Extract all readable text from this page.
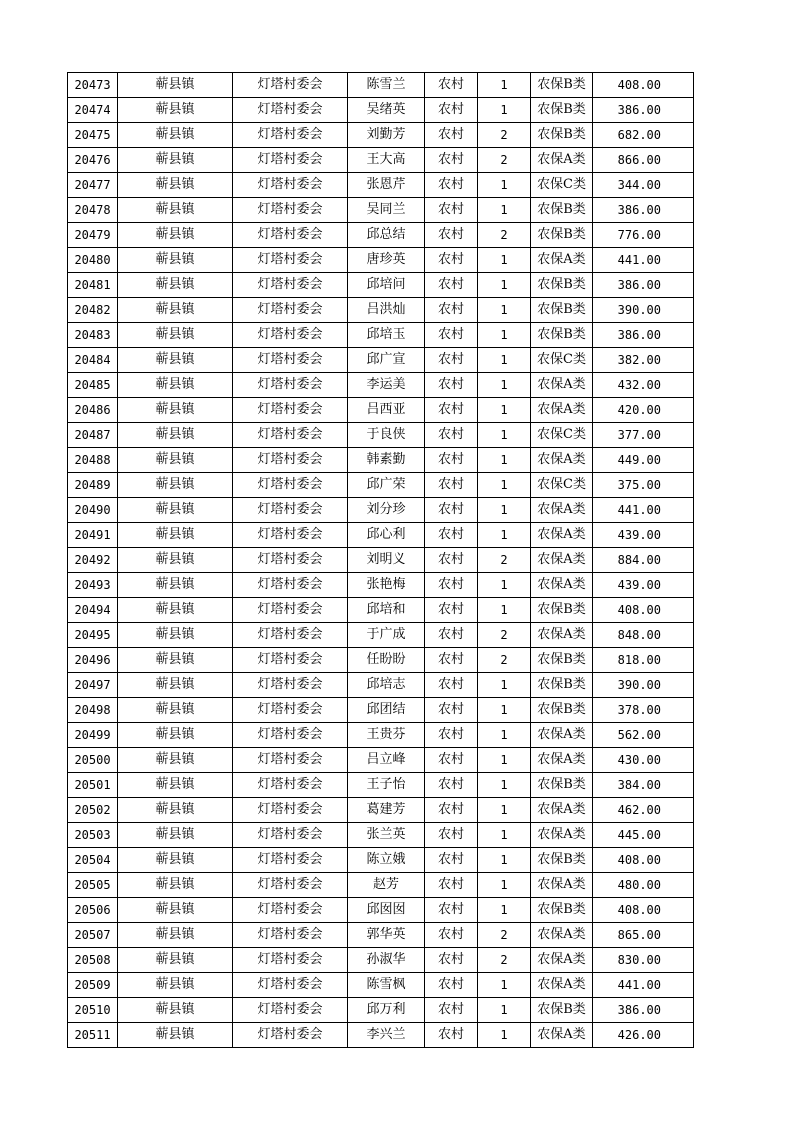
20473	蕲县镇	灯塔村委会	陈雪兰	农村	1	农保B类	408.00
20474	蕲县镇	灯塔村委会	吴绪英	农村	1	农保B类	386.00
20475	蕲县镇	灯塔村委会	刘勤芳	农村	2	农保B类	682.00
20476	蕲县镇	灯塔村委会	王大高	农村	2	农保A类	866.00
20477	蕲县镇	灯塔村委会	张恩芹	农村	1	农保C类	344.00
20478	蕲县镇	灯塔村委会	吴同兰	农村	1	农保B类	386.00
20479	蕲县镇	灯塔村委会	邱总结	农村	2	农保B类	776.00
20480	蕲县镇	灯塔村委会	唐珍英	农村	1	农保A类	441.00
20481	蕲县镇	灯塔村委会	邱培问	农村	1	农保B类	386.00
20482	蕲县镇	灯塔村委会	吕洪灿	农村	1	农保B类	390.00
20483	蕲县镇	灯塔村委会	邱培玉	农村	1	农保B类	386.00
20484	蕲县镇	灯塔村委会	邱广宣	农村	1	农保C类	382.00
20485	蕲县镇	灯塔村委会	李运美	农村	1	农保A类	432.00
20486	蕲县镇	灯塔村委会	吕西亚	农村	1	农保A类	420.00
20487	蕲县镇	灯塔村委会	于良侠	农村	1	农保C类	377.00
20488	蕲县镇	灯塔村委会	韩素勤	农村	1	农保A类	449.00
20489	蕲县镇	灯塔村委会	邱广荣	农村	1	农保C类	375.00
20490	蕲县镇	灯塔村委会	刘分珍	农村	1	农保A类	441.00
20491	蕲县镇	灯塔村委会	邱心利	农村	1	农保A类	439.00
20492	蕲县镇	灯塔村委会	刘明义	农村	2	农保A类	884.00
20493	蕲县镇	灯塔村委会	张艳梅	农村	1	农保A类	439.00
20494	蕲县镇	灯塔村委会	邱培和	农村	1	农保B类	408.00
20495	蕲县镇	灯塔村委会	于广成	农村	2	农保A类	848.00
20496	蕲县镇	灯塔村委会	任盼盼	农村	2	农保B类	818.00
20497	蕲县镇	灯塔村委会	邱培志	农村	1	农保B类	390.00
20498	蕲县镇	灯塔村委会	邱团结	农村	1	农保B类	378.00
20499	蕲县镇	灯塔村委会	王贵芬	农村	1	农保A类	562.00
20500	蕲县镇	灯塔村委会	吕立峰	农村	1	农保A类	430.00
20501	蕲县镇	灯塔村委会	王子怡	农村	1	农保B类	384.00
20502	蕲县镇	灯塔村委会	葛建芳	农村	1	农保A类	462.00
20503	蕲县镇	灯塔村委会	张兰英	农村	1	农保A类	445.00
20504	蕲县镇	灯塔村委会	陈立娥	农村	1	农保B类	408.00
20505	蕲县镇	灯塔村委会	赵芳	农村	1	农保A类	480.00
20506	蕲县镇	灯塔村委会	邱囡囡	农村	1	农保B类	408.00
20507	蕲县镇	灯塔村委会	郭华英	农村	2	农保A类	865.00
20508	蕲县镇	灯塔村委会	孙淑华	农村	2	农保A类	830.00
20509	蕲县镇	灯塔村委会	陈雪枫	农村	1	农保A类	441.00
20510	蕲县镇	灯塔村委会	邱万利	农村	1	农保B类	386.00
20511	蕲县镇	灯塔村委会	李兴兰	农村	1	农保A类	426.00
